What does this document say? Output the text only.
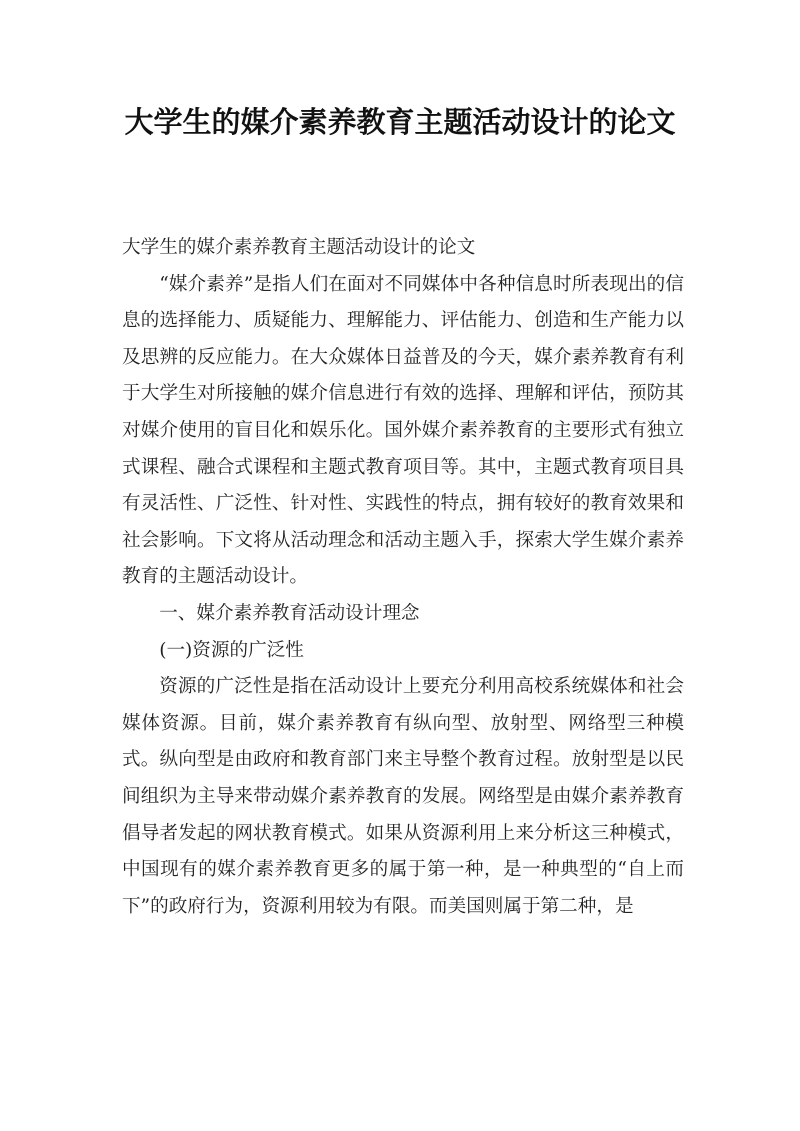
大学生的媒介素养教育主题活动设计的论文

大学生的媒介素养教育主题活动设计的论文

“媒介素养”是指人们在面对不同媒体中各种信息时所表现出的信息的选择能力、质疑能力、理解能力、评估能力、创造和生产能力以及思辨的反应能力。在大众媒体日益普及的今天，媒介素养教育有利于大学生对所接触的媒介信息进行有效的选择、理解和评估，预防其对媒介使用的盲目化和娱乐化。国外媒介素养教育的主要形式有独立式课程、融合式课程和主题式教育项目等。其中，主题式教育项目具有灵活性、广泛性、针对性、实践性的特点，拥有较好的教育效果和社会影响。下文将从活动理念和活动主题入手，探索大学生媒介素养教育的主题活动设计。

一、媒介素养教育活动设计理念

(一)资源的广泛性

资源的广泛性是指在活动设计上要充分利用高校系统媒体和社会媒体资源。目前，媒介素养教育有纵向型、放射型、网络型三种模式。纵向型是由政府和教育部门来主导整个教育过程。放射型是以民间组织为主导来带动媒介素养教育的发展。网络型是由媒介素养教育倡导者发起的网状教育模式。如果从资源利用上来分析这三种模式，中国现有的媒介素养教育更多的属于第一种，是一种典型的“自上而下”的政府行为，资源利用较为有限。而美国则属于第二种，是
